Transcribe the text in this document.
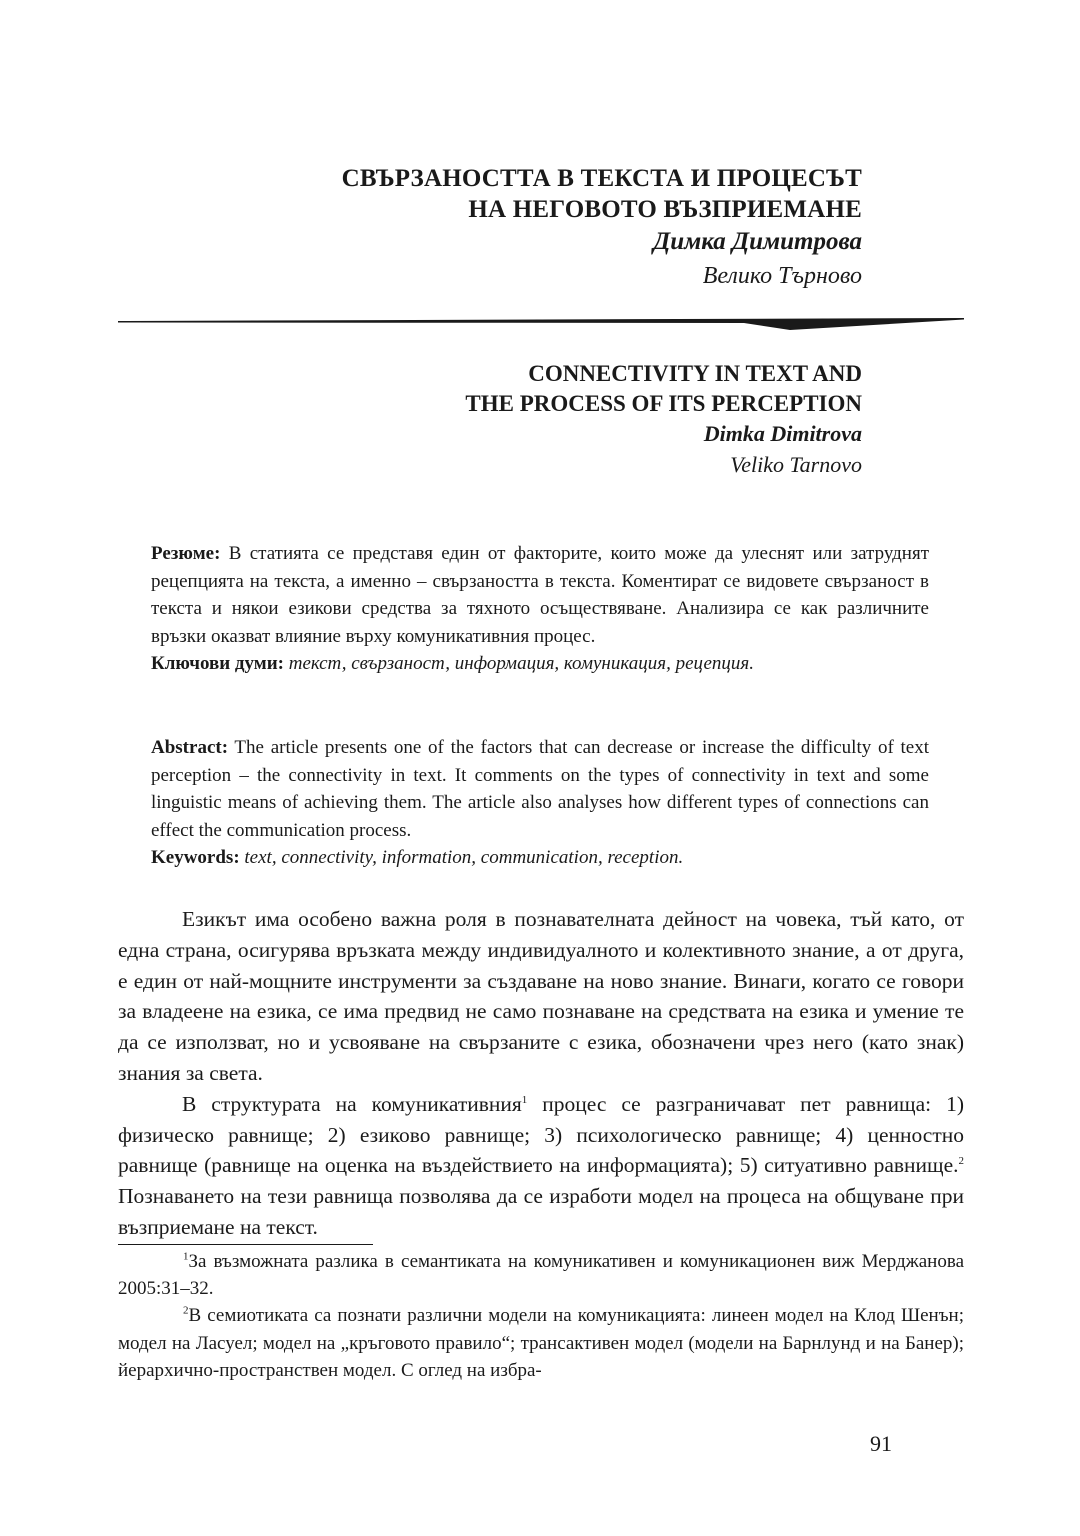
СВЪРЗАНОСТТА В ТЕКСТА И ПРОЦЕСЪТ
НА НЕГОВОТО ВЪЗПРИЕМАНЕ
Димка Димитрова
Велико Търново
CONNECTIVITY IN TEXT AND
THE PROCESS OF ITS PERCEPTION
Dimka Dimitrova
Veliko Tarnovo
Резюме: В статията се представя един от факторите, които може да улеснят или затруднят рецепцията на текста, а именно – свързаността в текста. Коментират се видовете свързаност в текста и някои езикови средства за тяхното осъществяване. Анализира се как различните връзки оказват влияние върху комуникативния процес.
Ключови думи: текст, свързаност, информация, комуникация, рецепция.
Abstract: The article presents one of the factors that can decrease or increase the difficulty of text perception – the connectivity in text. It comments on the types of connectivity in text and some linguistic means of achieving them. The article also analyses how different types of connections can effect the communication process.
Keywords: text, connectivity, information, communication, reception.

Езикът има особено важна роля в познавателната дейност на човека, тъй като, от една страна, осигурява връзката между индивидуалното и колективното знание, а от друга, е един от най-мощните инструменти за създаване на ново знание. Винаги, когато се говори за владеене на езика, се има предвид не само познаване на средствата на езика и умение те да се използват, но и усвояване на свързаните с езика, обозначени чрез него (като знак) знания за света.

В структурата на комуникативния$^1$ процес се разграничават пет равнища: 1) физическо равнище; 2) езиково равнище; 3) психологическо равнище; 4) ценностно равнище (равнище на оценка на въздействието на информацията); 5) ситуативно равнище.$^2$ Познаването на тези равнища позволява да се изработи модел на процеса на общуване при възприемане на текст.

$^1$За възможната разлика в семантиката на комуникативен и комуникационен виж Мерджанова 2005:31–32.

$^2$В семиотиката са познати различни модели на комуникацията: линеен модел на Клод Шенън; модел на Ласуел; модел на „кръговото правило“; трансактивен модел (модели на Барнлунд и на Банер); йерархично-пространствен модел. С оглед на избра-

91
